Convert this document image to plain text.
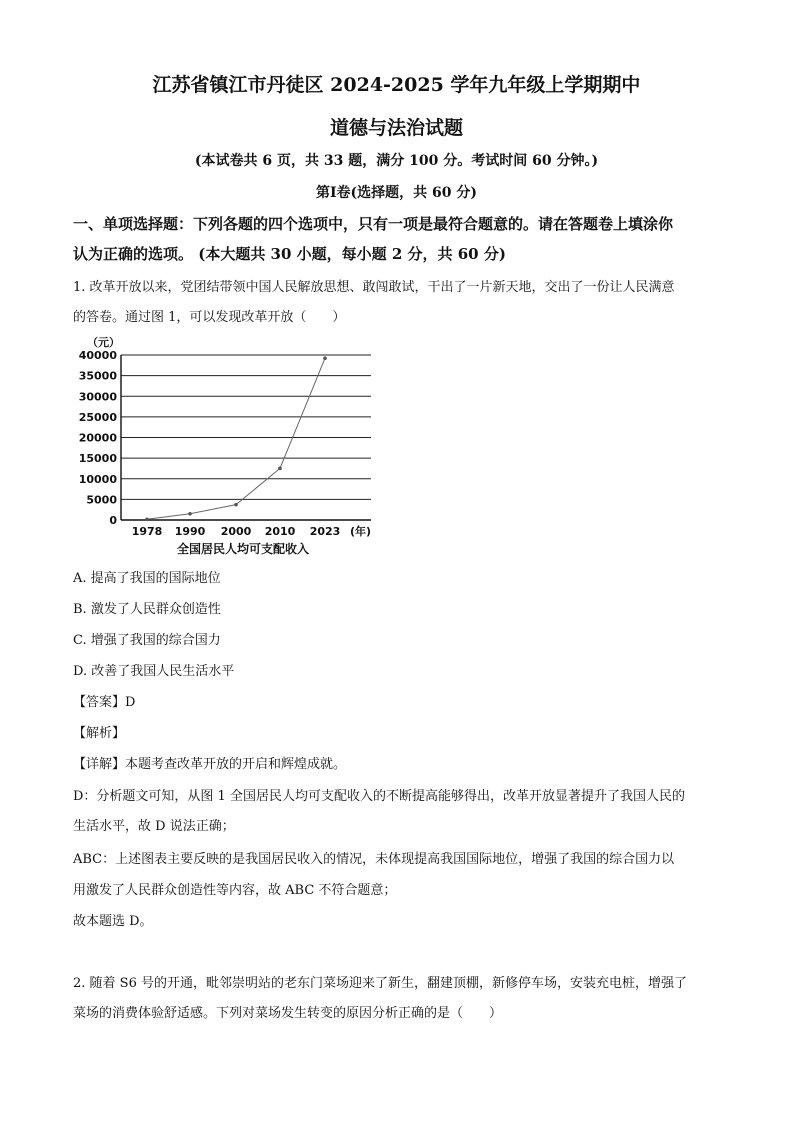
江苏省镇江市丹徒区 2024-2025 学年九年级上学期期中
道德与法治试题
(本试卷共 6 页，共 33 题，满分 100 分。考试时间 60 分钟。)
第I卷(选择题，共 60 分)
一、单项选择题：下列各题的四个选项中，只有一项是最符合题意的。请在答题卷上填涂你
认为正确的选项。 (本大题共 30 小题，每小题 2 分，共 60 分)
1. 改革开放以来，党团结带领中国人民解放思想、敢闯敢试，干出了一片新天地，交出了一份让人民满意
的答卷。通过图 1，可以发现改革开放（　　）
（元）
40000
35000
30000
25000
20000
15000
10000
5000
0
1978 1990 2000 2010 2023 (年)
全国居民人均可支配收入
A. 提高了我国的国际地位
B. 激发了人民群众创造性
C. 增强了我国的综合国力
D. 改善了我国人民生活水平
【答案】D
【解析】
【详解】本题考查改革开放的开启和辉煌成就。
D：分析题文可知，从图 1 全国居民人均可支配收入的不断提高能够得出，改革开放显著提升了我国人民的
生活水平，故 D 说法正确；
ABC：上述图表主要反映的是我国居民收入的情况，未体现提高我国国际地位，增强了我国的综合国力以
用激发了人民群众创造性等内容，故 ABC 不符合题意；
故本题选 D。
2. 随着 S6 号的开通，毗邻崇明站的老东门菜场迎来了新生，翻建顶棚，新修停车场，安装充电桩，增强了
菜场的消费体验舒适感。下列对菜场发生转变的原因分析正确的是（　　）
